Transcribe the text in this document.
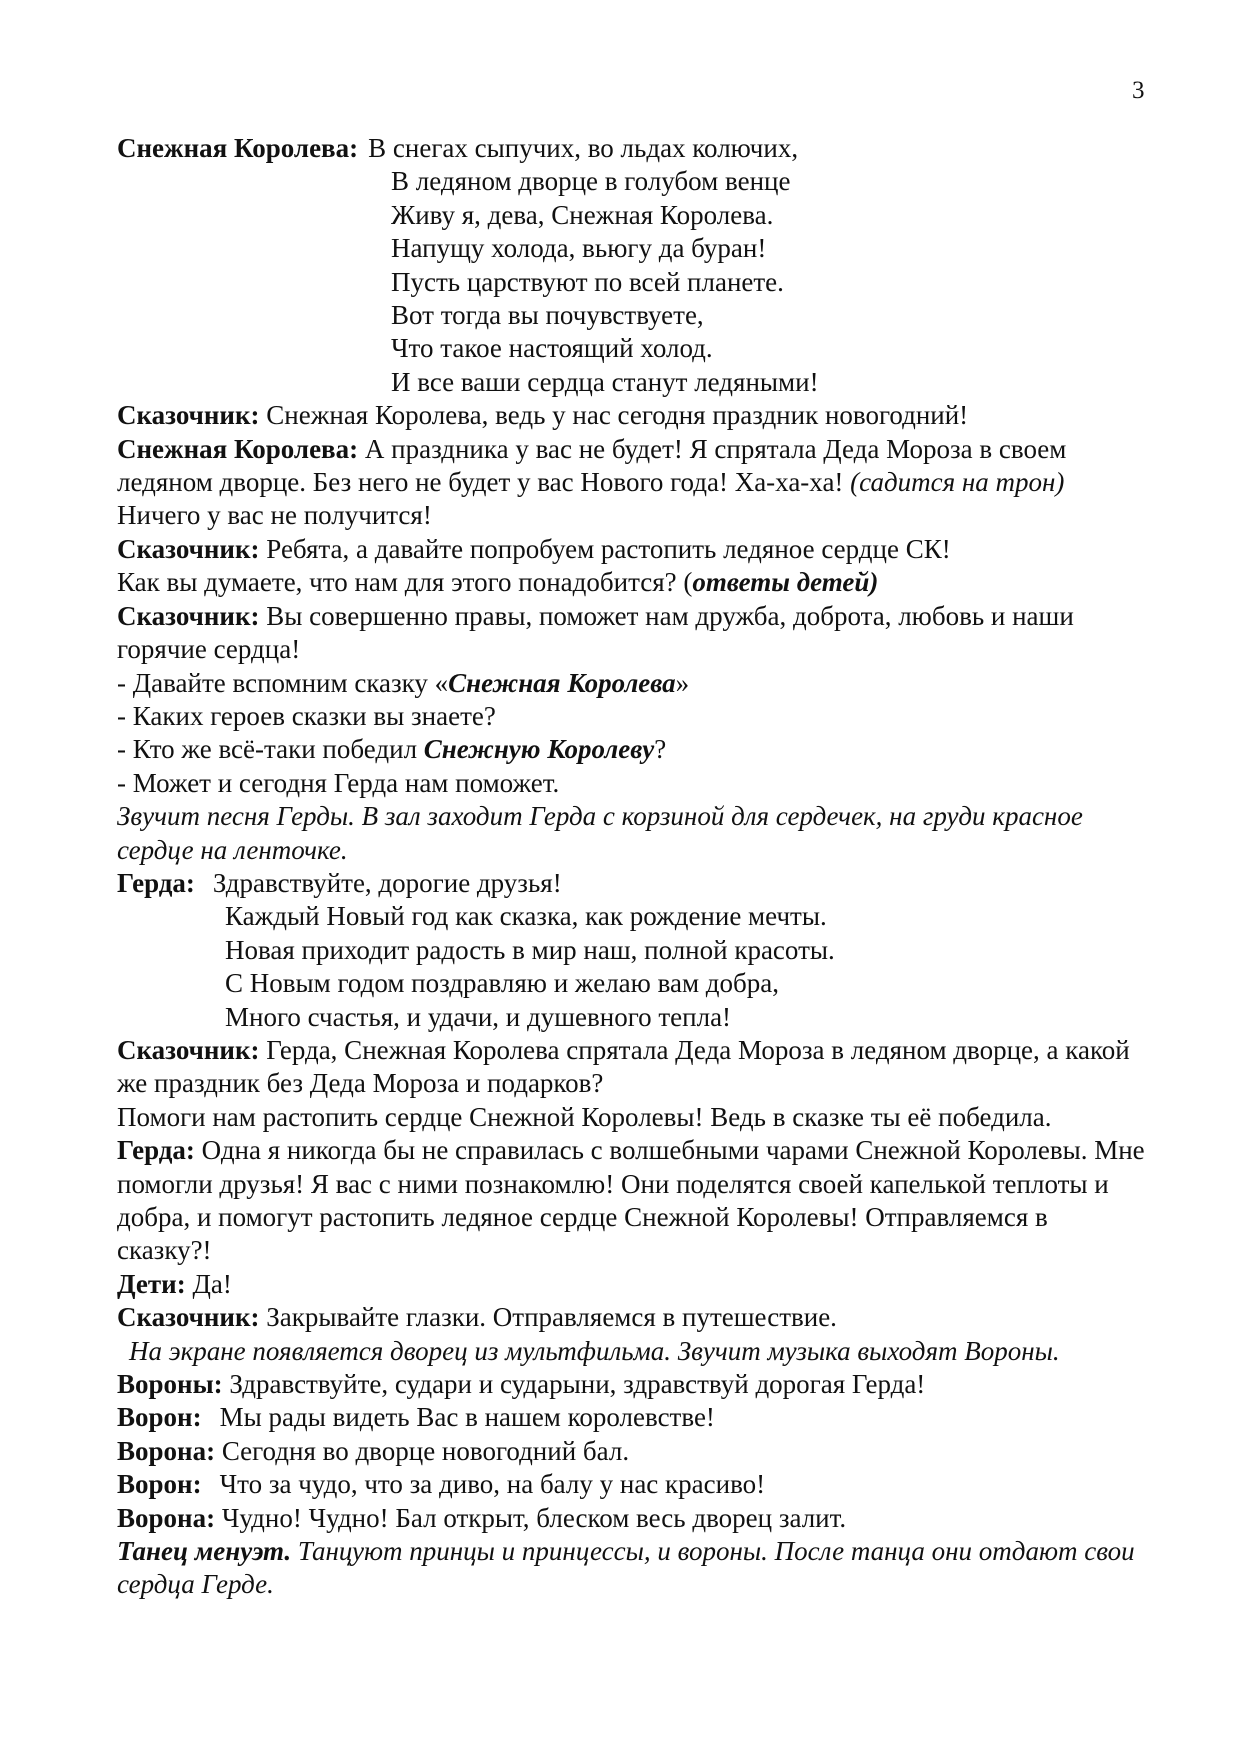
3
Снежная Королева: В снегах сыпучих, во льдах колючих,
В ледяном дворце в голубом венце
Живу я, дева, Снежная Королева.
Напущу холода, вьюгу да буран!
Пусть царствуют по всей планете.
Вот тогда вы почувствуете,
Что такое настоящий холод.
И все ваши сердца станут ледяными!
Сказочник: Снежная Королева, ведь у нас сегодня праздник новогодний!
Снежная Королева: А праздника у вас не будет! Я спрятала Деда Мороза в своем ледяном дворце. Без него не будет у вас Нового года! Ха-ха-ха! (садится на трон) Ничего у вас не получится!
Сказочник: Ребята, а давайте попробуем растопить ледяное сердце СК!
Как вы думаете, что нам для этого понадобится? (ответы детей)
Сказочник: Вы совершенно правы, поможет нам дружба, доброта, любовь и наши горячие сердца!
- Давайте вспомним сказку «Снежная Королева»
- Каких героев сказки вы знаете?
- Кто же всё-таки победил Снежную Королеву?
- Может и сегодня Герда нам поможет.
Звучит песня Герды. В зал заходит Герда с корзиной для сердечек, на груди красное сердце на ленточке.
Герда: Здравствуйте, дорогие друзья!
Каждый Новый год как сказка, как рождение мечты.
Новая приходит радость в мир наш, полной красоты.
С Новым годом поздравляю и желаю вам добра,
Много счастья, и удачи, и душевного тепла!
Сказочник: Герда, Снежная Королева спрятала Деда Мороза в ледяном дворце, а какой же праздник без Деда Мороза и подарков?
Помоги нам растопить сердце Снежной Королевы! Ведь в сказке ты её победила.
Герда: Одна я никогда бы не справилась с волшебными чарами Снежной Королевы. Мне помогли друзья! Я вас с ними познакомлю! Они поделятся своей капелькой теплоты и добра, и помогут растопить ледяное сердце Снежной Королевы! Отправляемся в сказку?!
Дети: Да!
Сказочник: Закрывайте глазки. Отправляемся в путешествие.
На экране появляется дворец из мультфильма. Звучит музыка выходят Вороны.
Вороны: Здравствуйте, судари и сударыни, здравствуй дорогая Герда!
Ворон: Мы рады видеть Вас в нашем королевстве!
Ворона: Сегодня во дворце новогодний бал.
Ворон: Что за чудо, что за диво, на балу у нас красиво!
Ворона: Чудно! Чудно! Бал открыт, блеском весь дворец залит.
Танец менуэт. Танцуют принцы и принцессы, и вороны. После танца они отдают свои сердца Герде.
